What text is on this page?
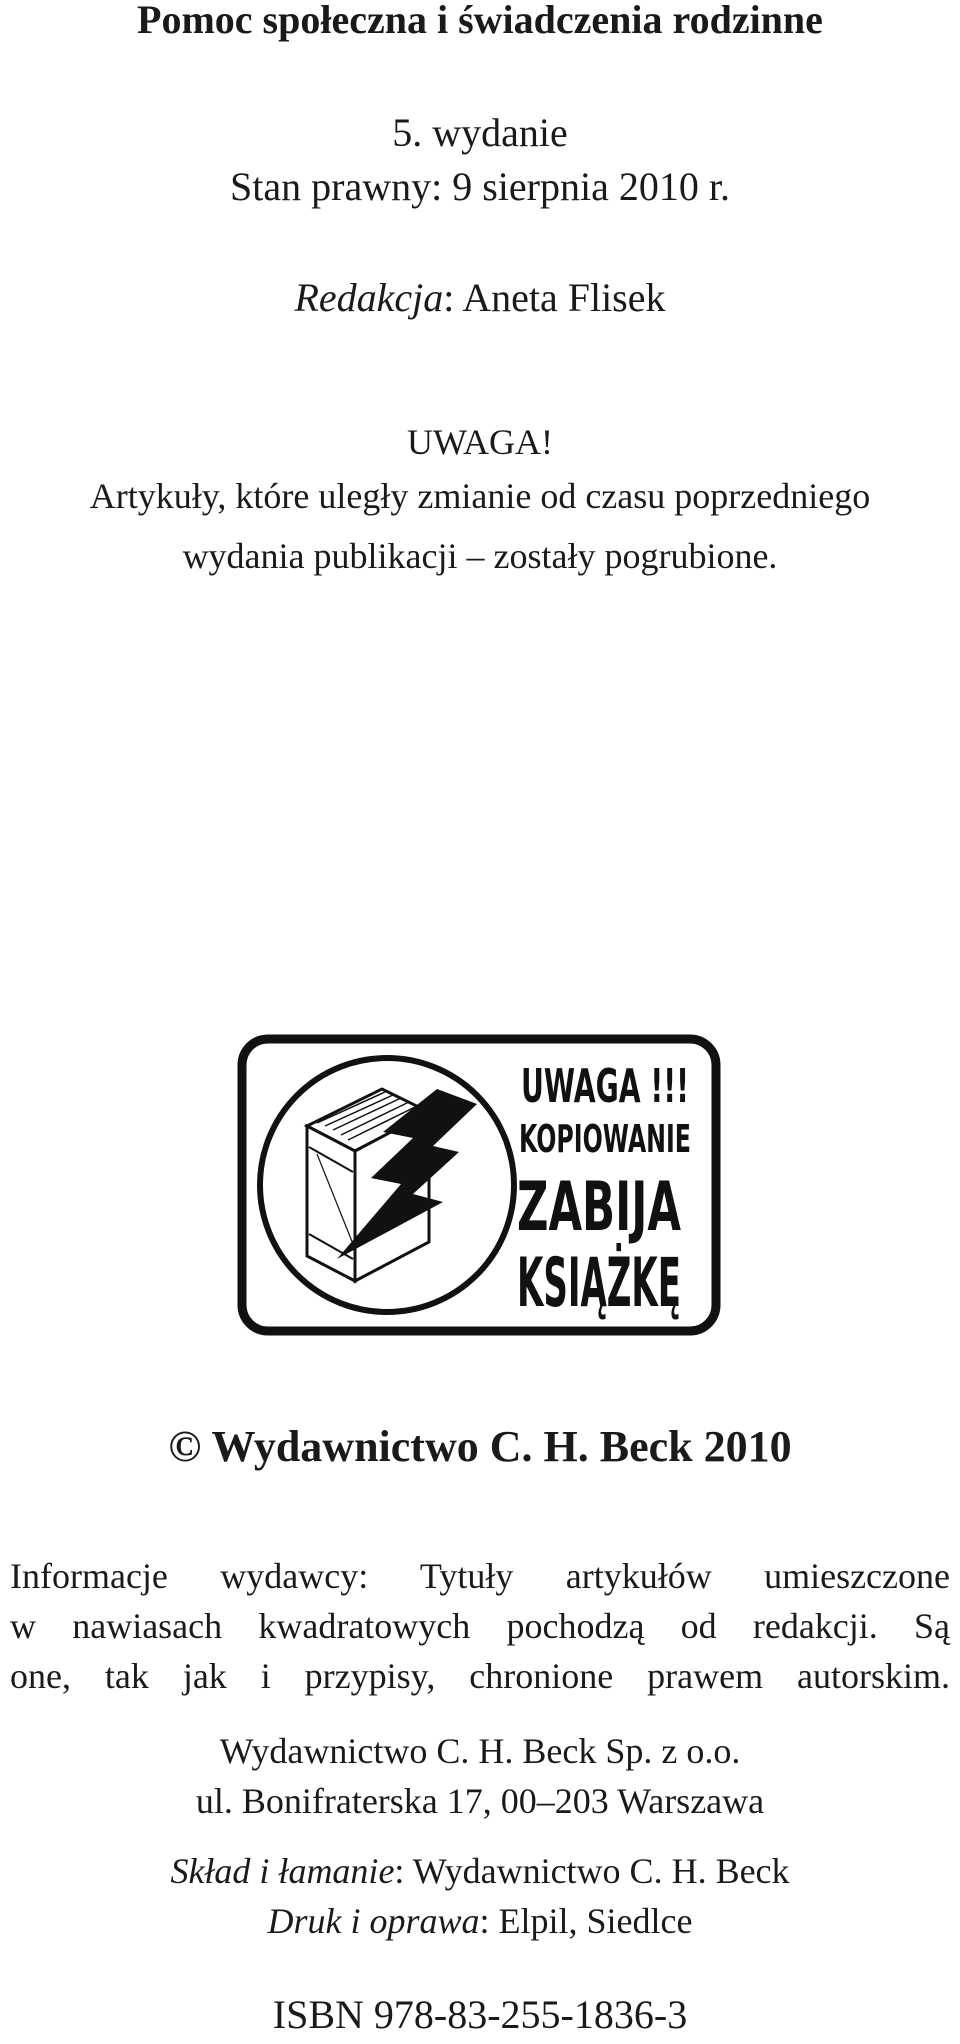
Pomoc społeczna i świadczenia rodzinne
5. wydanie
Stan prawny: 9 sierpnia 2010 r.
Redakcja: Aneta Flisek
UWAGA!
Artykuły, które uległy zmianie od czasu poprzedniego
wydania publikacji – zostały pogrubione.
UWAGA !!!
KOPIOWANIE
ZABIJA
© Wydawnictwo C. H. Beck 2010
Informacje wydawcy: Tytuły artykułów umieszczone
w nawiasach kwadratowych pochodzą od redakcji. Są
one, tak jak i przypisy, chronione prawem autorskim.
Wydawnictwo C. H. Beck Sp. z o.o.
ul. Bonifraterska 17, 00–203 Warszawa
Skład i łamanie: Wydawnictwo C. H. Beck
Druk i oprawa: Elpil, Siedlce
ISBN 978-83-255-1836-3
